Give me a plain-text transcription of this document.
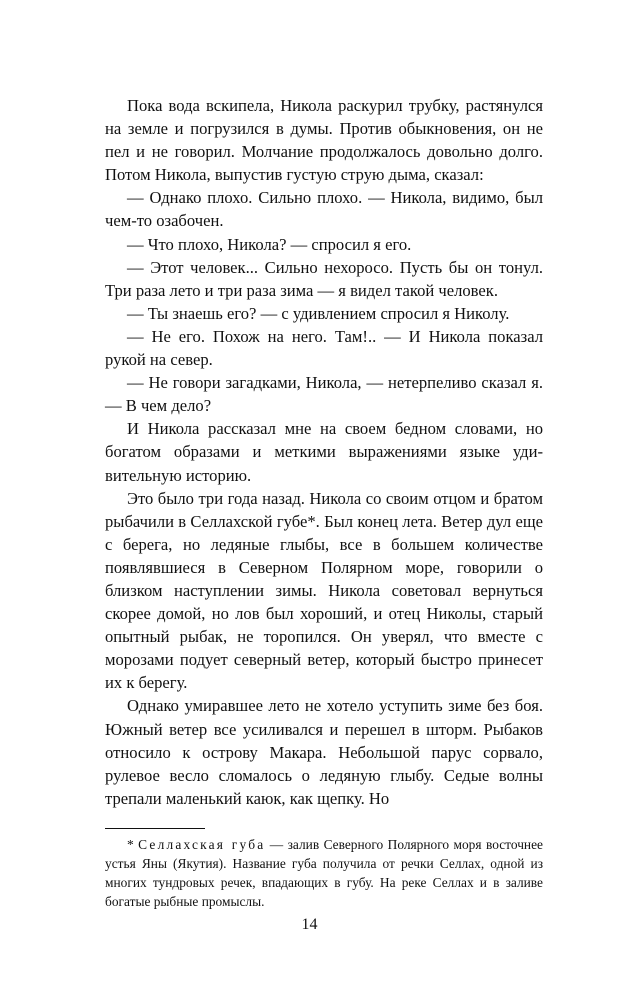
Пока вода вскипела, Никола раскурил трубку, растянулся на земле и погрузился в думы. Против обыкновения, он не пел и не говорил. Молчание продолжалось довольно долго. Потом Никола, выпустив густую струю дыма, сказал:

— Однако плохо. Сильно плохо. — Никола, видимо, был чем-то озабочен.

— Что плохо, Никола? — спросил я его.

— Этот человек... Сильно нехоросо. Пусть бы он тонул. Три раза лето и три раза зима — я видел такой человек.

— Ты знаешь его? — с удивлением спросил я Николу.

— Не его. Похож на него. Там!.. — И Никола показал рукой на север.

— Не говори загадками, Никола, — нетерпеливо сказал я. — В чем дело?

И Никола рассказал мне на своем бедном словами, но богатом образами и меткими выражениями языке удивительную историю.

Это было три года назад. Никола со своим отцом и братом рыбачили в Селлахской губе*. Был конец лета. Ветер дул еще с берега, но ледяные глыбы, все в большем количестве появлявшиеся в Северном Полярном море, говорили о близком наступлении зимы. Никола советовал вернуться скорее домой, но лов был хороший, и отец Николы, старый опытный рыбак, не торопился. Он уверял, что вместе с морозами подует северный ветер, который быстро принесет их к берегу.

Однако умиравшее лето не хотело уступить зиме без боя. Южный ветер все усиливался и перешел в шторм. Рыбаков относило к острову Макара. Небольшой парус сорвало, рулевое весло сломалось о ледяную глыбу. Седые волны трепали маленький каюк, как щепку. Но

* Селлахская губа — залив Северного Полярного моря восточнее устья Яны (Якутия). Название губа получила от речки Селлах, одной из многих тундровых речек, впадающих в губу. На реке Селлах и в заливе богатые рыбные промыслы.

14
